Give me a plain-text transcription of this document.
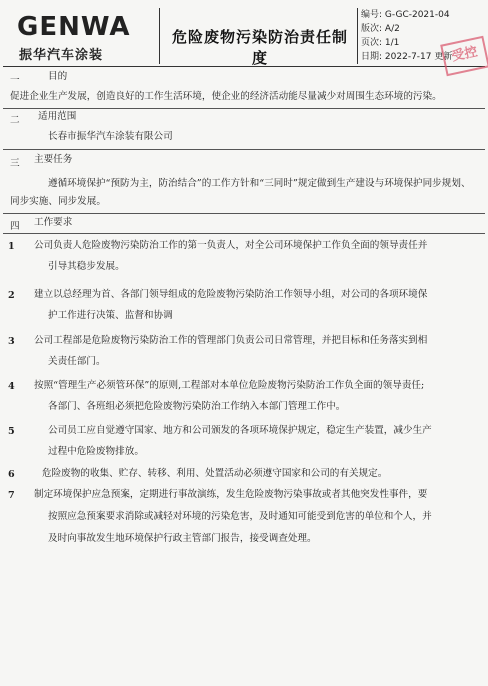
GENWA
振华汽车涂装
危险废物污染防治责任制度
编号: G-GC-2021-04
版次: A/2
页次: 1/1
日期: 2022-7-17 更新
受控
一	目的
促进企业生产发展，创造良好的工作生活环境，使企业的经济活动能尽量减少对周围生态环境的污染。
二 适用范围
长春市振华汽车涂装有限公司
三 主要任务
遵循环境保护“预防为主，防治结合”的工作方针和“三同时”规定做到生产建设与环境保护同步规划、
同步实施、同步发展。
四 工作要求
1 公司负责人危险废物污染防治工作的第一负责人，对全公司环境保护工作负全面的领导责任并
引导其稳步发展。
2 建立以总经理为首、各部门领导组成的危险废物污染防治工作领导小组，对公司的各项环境保
护工作进行决策、监督和协调
3 公司工程部是危险废物污染防治工作的管理部门负责公司日常管理，并把目标和任务落实到相
关责任部门。
4 按照“管理生产必须管环保”的原则,工程部对本单位危险废物污染防治工作负全面的领导责任;
各部门、各班组必须把危险废物污染防治工作纳入本部门管理工作中。
5	公司员工应自觉遵守国家、地方和公司颁发的各项环境保护规定，稳定生产装置，减少生产
过程中危险废物排放。
6	危险废物的收集、贮存、转移、利用、处置活动必须遵守国家和公司的有关规定。
7 制定环境保护应急预案，定期进行事故演练，发生危险废物污染事故或者其他突发性事件，要
按照应急预案要求消除或减轻对环境的污染危害，及时通知可能受到危害的单位和个人，并
及时向事故发生地环境保护行政主管部门报告，接受调查处理。
